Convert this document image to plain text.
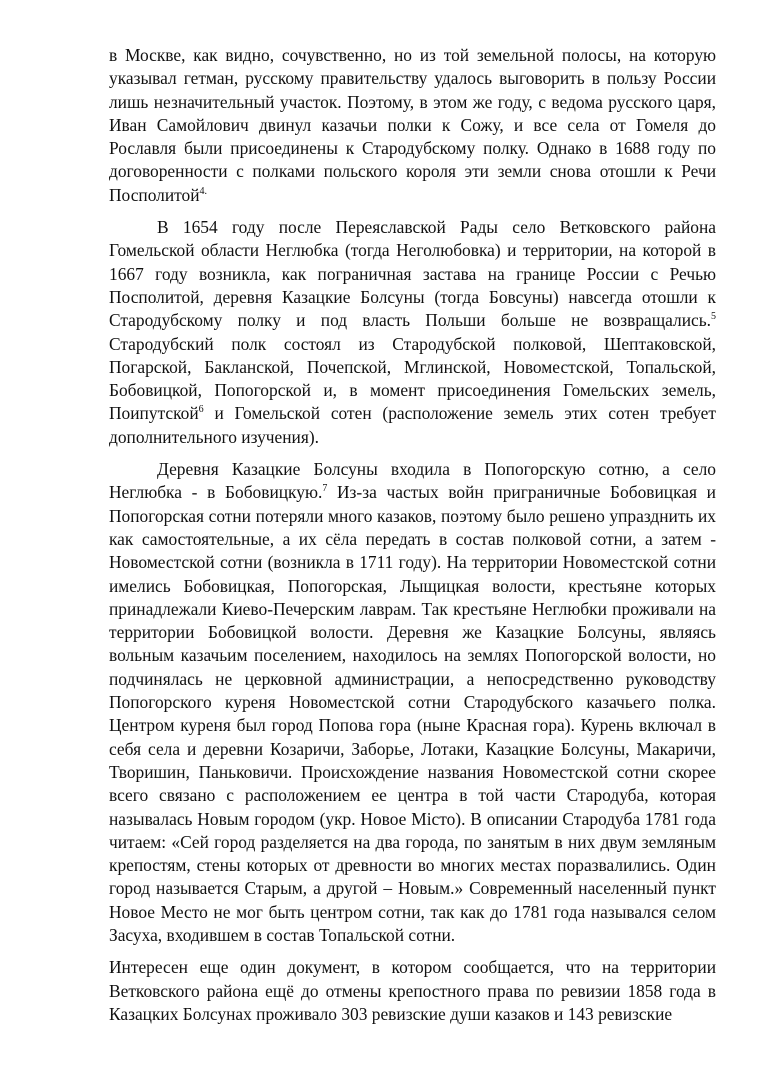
в Москве, как видно, сочувственно, но из той земельной полосы, на которую указывал гетман, русскому правительству удалось выговорить в пользу России лишь незначительный участок. Поэтому, в этом же году, с ведома русского царя, Иван Самойлович двинул казачьи полки к Сожу, и все села от Гомеля до Рославля были присоединены к Стародубскому полку. Однако в 1688 году по договоренности с полками польского короля эти земли снова отошли к Речи Посполитой$^{4.}$

В 1654 году после Переяславской Рады село Ветковского района Гомельской области Неглюбка (тогда Неголюбовка) и территории, на которой в 1667 году возникла, как пограничная застава на границе России с Речью Посполитой, деревня Казацкие Болсуны (тогда Бовсуны) навсегда отошли к Стародубскому полку и под власть Польши больше не возвращались.$^5$ Стародубский полк состоял из Стародубской полковой, Шептаковской, Погарской, Бакланской, Почепской, Мглинской, Новоместской, Топальской, Бобовицкой, Попогорской и, в момент присоединения Гомельских земель, Поипутской$^6$ и Гомельской сотен (расположение земель этих сотен требует дополнительного изучения).

Деревня Казацкие Болсуны входила в Попогорскую сотню, а село Неглюбка - в Бобовицкую.$^7$ Из-за частых войн приграничные Бобовицкая и Попогорская сотни потеряли много казаков, поэтому было решено упразднить их как самостоятельные, а их сёла передать в состав полковой сотни, а затем - Новоместской сотни (возникла в 1711 году). На территории Новоместской сотни имелись Бобовицкая, Попогорская, Лыщицкая волости, крестьяне которых принадлежали Киево-Печерским лаврам. Так крестьяне Неглюбки проживали на территории Бобовицкой волости. Деревня же Казацкие Болсуны, являясь вольным казачьим поселением, находилось на землях Попогорской волости, но подчинялась не церковной администрации, а непосредственно руководству Попогорского куреня Новоместской сотни Стародубского казачьего полка. Центром куреня был город Попова гора (ныне Красная гора). Курень включал в себя села и деревни Козаричи, Заборье, Лотаки, Казацкие Болсуны, Макаричи, Творишин, Паньковичи. Происхождение названия Новоместской сотни скорее всего связано с расположением ее центра в той части Стародуба, которая называлась Новым городом (укр. Новое Місто). В описании Стародуба 1781 года читаем: «Сей город разделяется на два города, по занятым в них двум земляным крепостям, стены которых от древности во многих местах поразвалились. Один город называется Старым, а другой – Новым.» Современный населенный пункт Новое Место не мог быть центром сотни, так как до 1781 года назывался селом Засуха, входившем в состав Топальской сотни.

Интересен еще один документ, в котором сообщается, что на территории Ветковского района ещё до отмены крепостного права по ревизии 1858 года в Казацких Болсунах проживало 303 ревизские души казаков и 143 ревизские
